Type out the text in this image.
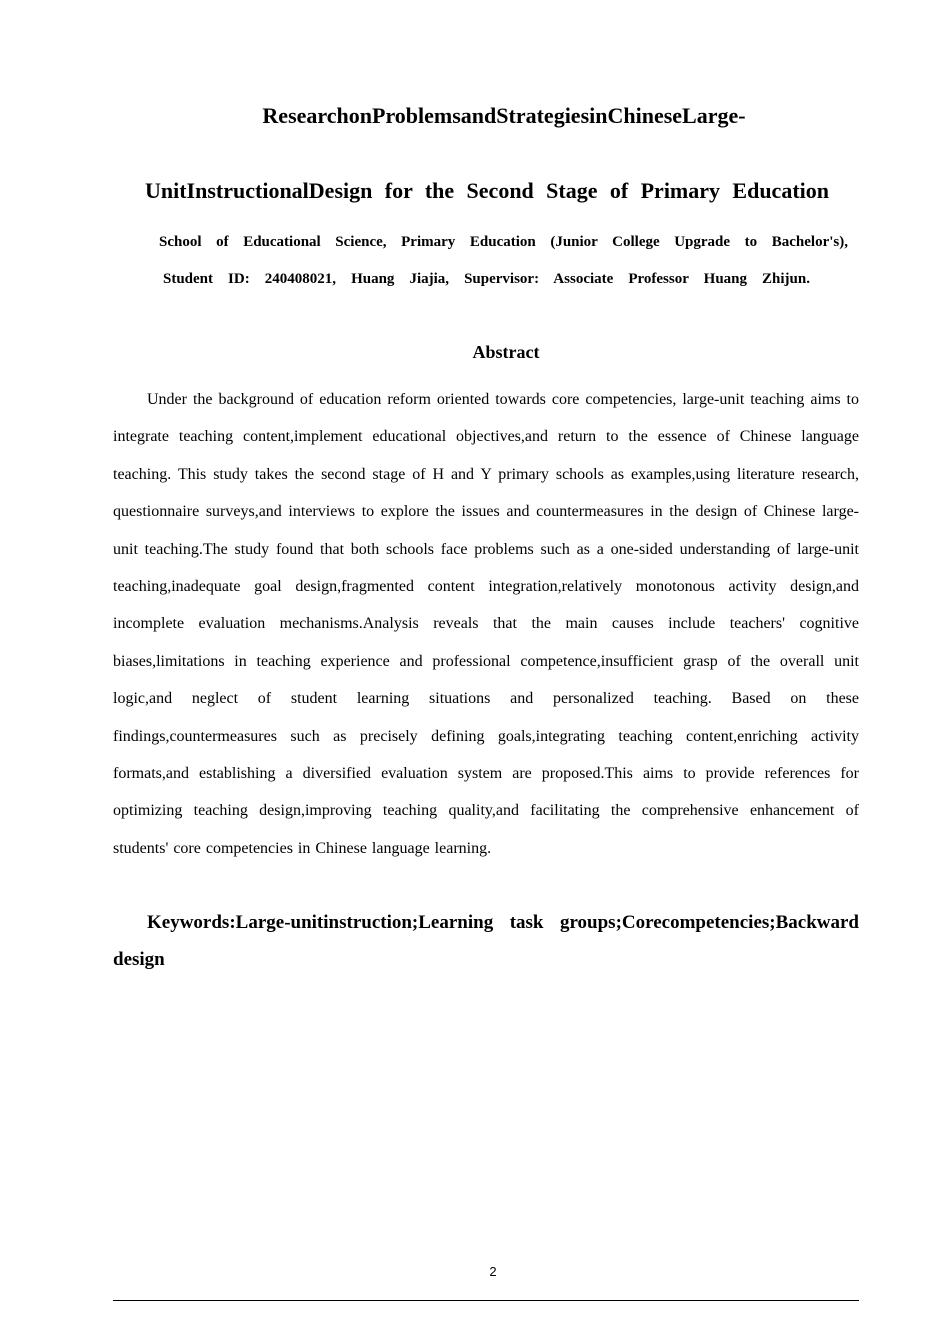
ResearchonProblemsandStrategiesinChineseLarge-
UnitInstructionalDesign for the Second Stage of Primary Education
School of Educational Science, Primary Education (Junior College Upgrade to Bachelor's),
Student ID: 240408021, Huang Jiajia, Supervisor: Associate Professor Huang Zhijun.
Abstract

Under the background of education reform oriented towards core competencies, large-unit teaching aims to integrate teaching content,implement educational objectives,and return to the essence of Chinese language teaching. This study takes the second stage of H and Y primary schools as examples,using literature research, questionnaire surveys,and interviews to explore the issues and countermeasures in the design of Chinese large-unit teaching.The study found that both schools face problems such as a one-sided understanding of large-unit teaching,inadequate goal design,fragmented content integration,relatively monotonous activity design,and incomplete evaluation mechanisms.Analysis reveals that the main causes include teachers' cognitive biases,limitations in teaching experience and professional competence,insufficient grasp of the overall unit logic,and neglect of student learning situations and personalized teaching. Based on these findings,countermeasures such as precisely defining goals,integrating teaching content,enriching activity formats,and establishing a diversified evaluation system are proposed.This aims to provide references for optimizing teaching design,improving teaching quality,and facilitating the comprehensive enhancement of students' core competencies in Chinese language learning.

Keywords:Large-unitinstruction;Learning task groups;Corecompetencies;Backward design

2
